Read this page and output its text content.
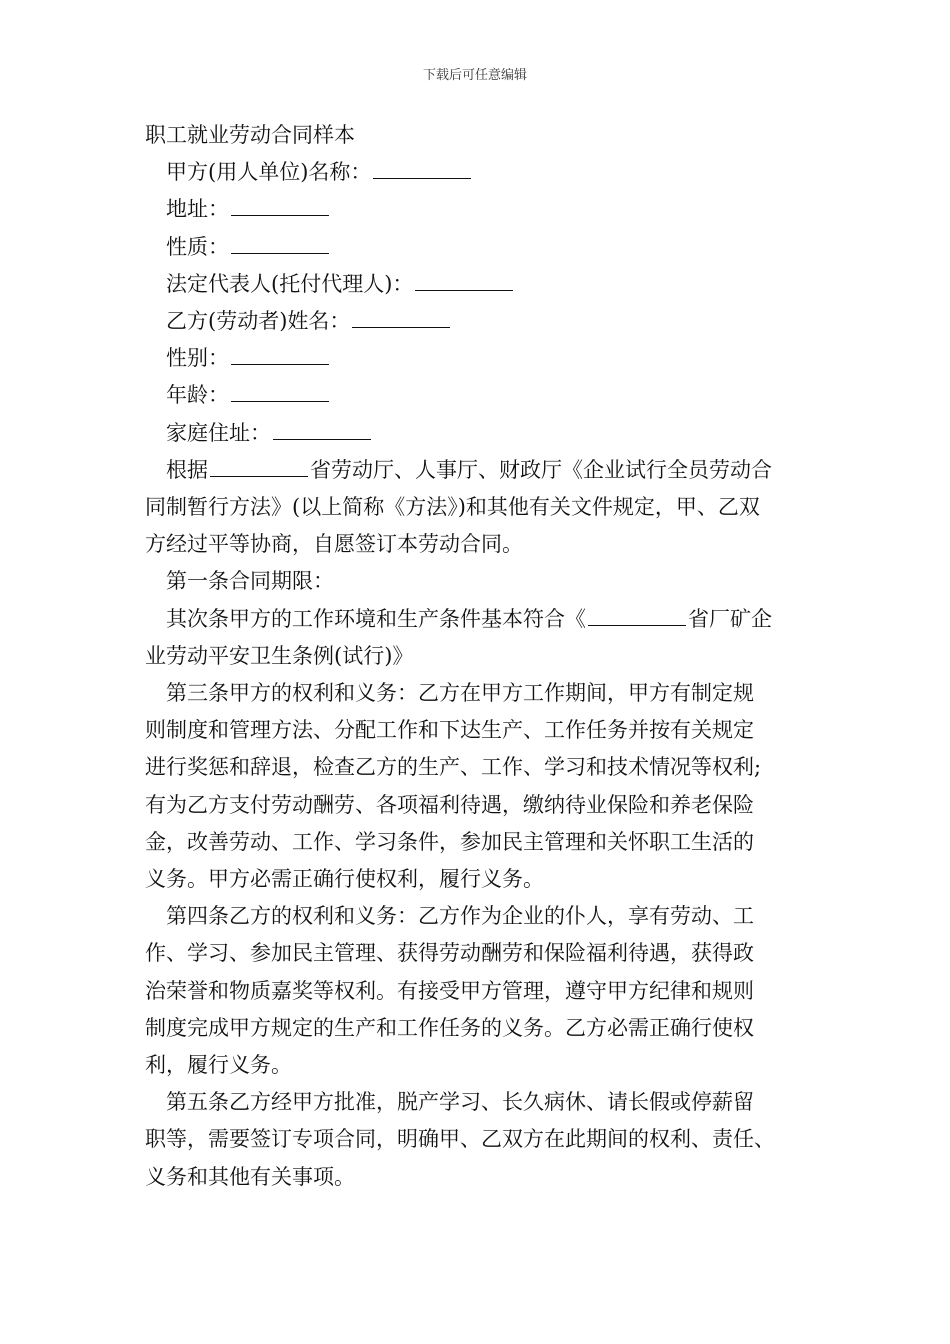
下载后可任意编辑

职工就业劳动合同样本

甲方(用人单位)名称：

地址：

性质：

法定代表人(托付代理人)：

乙方(劳动者)姓名：

性别：

年龄：

家庭住址：

根据	省劳动厅、人事厅、财政厅《企业试行全员劳动合

同制暂行方法》(以上简称《方法》)和其他有关文件规定，甲、乙双

方经过平等协商，自愿签订本劳动合同。

第一条合同期限：

其次条甲方的工作环境和生产条件基本符合《	省厂矿企

业劳动平安卫生条例(试行)》

第三条甲方的权利和义务：乙方在甲方工作期间，甲方有制定规

则制度和管理方法、分配工作和下达生产、工作任务并按有关规定

进行奖惩和辞退，检查乙方的生产、工作、学习和技术情况等权利;

有为乙方支付劳动酬劳、各项福利待遇，缴纳待业保险和养老保险

金，改善劳动、工作、学习条件，参加民主管理和关怀职工生活的

义务。甲方必需正确行使权利，履行义务。

第四条乙方的权利和义务：乙方作为企业的仆人，享有劳动、工

作、学习、参加民主管理、获得劳动酬劳和保险福利待遇，获得政

治荣誉和物质嘉奖等权利。有接受甲方管理，遵守甲方纪律和规则

制度完成甲方规定的生产和工作任务的义务。乙方必需正确行使权

利，履行义务。

第五条乙方经甲方批准，脱产学习、长久病休、请长假或停薪留

职等，需要签订专项合同，明确甲、乙双方在此期间的权利、责任、

义务和其他有关事项。
